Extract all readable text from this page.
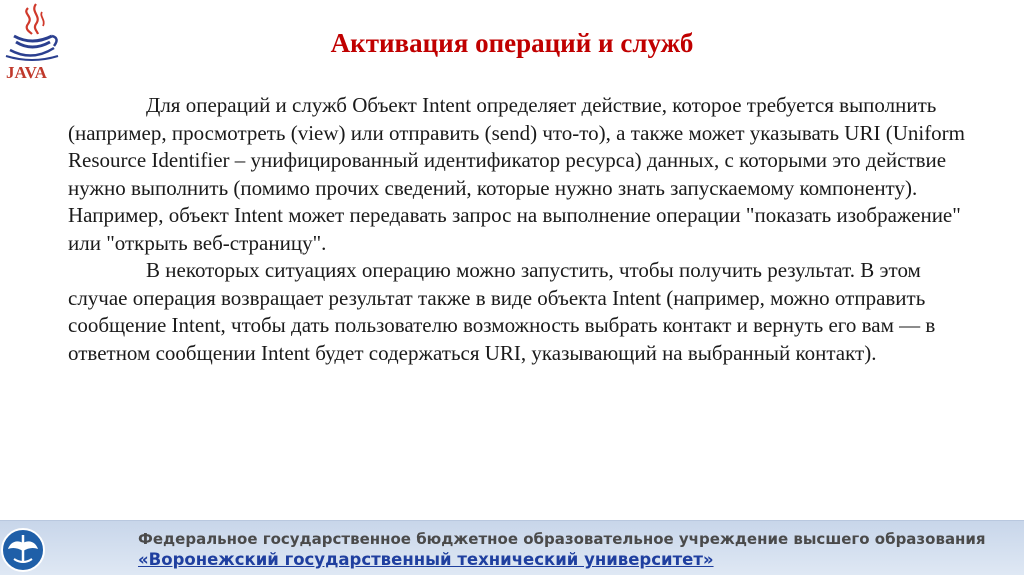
JAVA
Активация операций и служб

Для операций и служб Объект Intent определяет действие, которое требуется выполнить (например, просмотреть (view) или отправить (send) что-то), а также может указывать URI (Uniform Resource Identifier – унифицированный идентификатор ресурса) данных, с которыми это действие нужно выполнить (помимо прочих сведений, которые нужно знать запускаемому компоненту). Например, объект Intent может передавать запрос на выполнение операции "показать изображение" или "открыть веб-страницу".

В некоторых ситуациях операцию можно запустить, чтобы получить результат. В этом случае операция возвращает результат также в виде объекта Intent (например, можно отправить сообщение Intent, чтобы дать пользователю возможность выбрать контакт и вернуть его вам — в ответном сообщении Intent будет содержаться URI, указывающий на выбранный контакт).

Федеральное государственное бюджетное образовательное учреждение высшего образования
«Воронежский государственный технический университет»
